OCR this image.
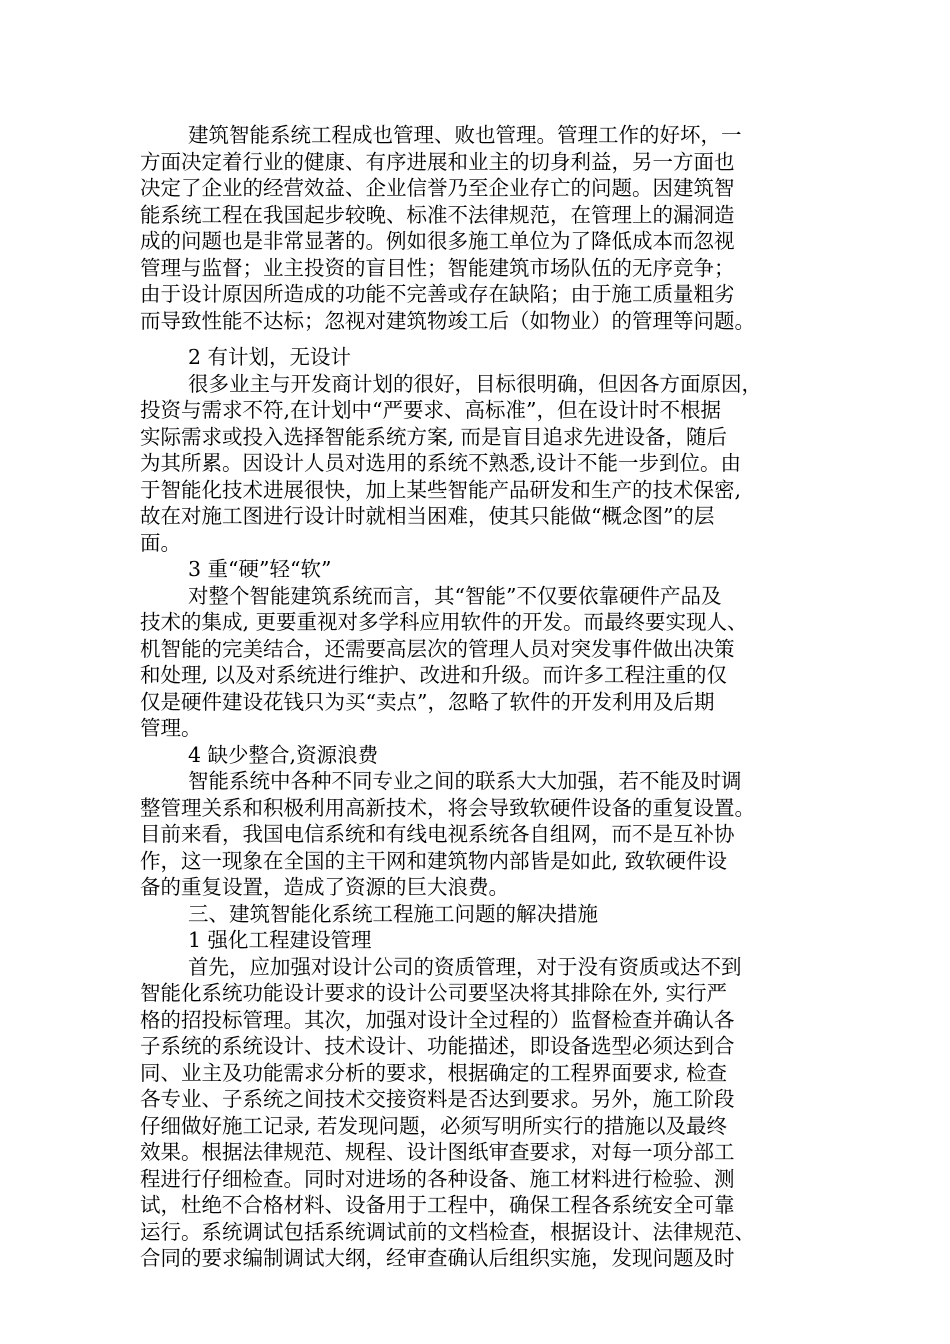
建筑智能系统工程成也管理、败也管理。管理工作的好坏，一
方面决定着行业的健康、有序进展和业主的切身利益，另一方面也
决定了企业的经营效益、企业信誉乃至企业存亡的问题。因建筑智
能系统工程在我国起步较晚、标准不法律规范，在管理上的漏洞造
成的问题也是非常显著的。例如很多施工单位为了降低成本而忽视
管理与监督；业主投资的盲目性；智能建筑市场队伍的无序竞争；
由于设计原因所造成的功能不完善或存在缺陷；由于施工质量粗劣
而导致性能不达标；忽视对建筑物竣工后（如物业）的管理等问题。
2 有计划，无设计
很多业主与开发商计划的很好，目标很明确，但因各方面原因，
投资与需求不符,在计划中“严要求、高标准”，但在设计时不根据
实际需求或投入选择智能系统方案, 而是盲目追求先进设备，随后
为其所累。因设计人员对选用的系统不熟悉,设计不能一步到位。由
于智能化技术进展很快，加上某些智能产品研发和生产的技术保密,
故在对施工图进行设计时就相当困难，使其只能做“概念图”的层
面。
3 重“硬”轻“软”
对整个智能建筑系统而言，其“智能”不仅要依靠硬件产品及
技术的集成, 更要重视对多学科应用软件的开发。而最终要实现人、
机智能的完美结合，还需要高层次的管理人员对突发事件做出决策
和处理, 以及对系统进行维护、改进和升级。而许多工程注重的仅
仅是硬件建设花钱只为买“卖点”，忽略了软件的开发利用及后期
管理。
4 缺少整合,资源浪费
智能系统中各种不同专业之间的联系大大加强，若不能及时调
整管理关系和积极利用高新技术，将会导致软硬件设备的重复设置。
目前来看，我国电信系统和有线电视系统各自组网，而不是互补协
作，这一现象在全国的主干网和建筑物内部皆是如此, 致软硬件设
备的重复设置，造成了资源的巨大浪费。
三、建筑智能化系统工程施工问题的解决措施
1 强化工程建设管理
首先，应加强对设计公司的资质管理，对于没有资质或达不到
智能化系统功能设计要求的设计公司要坚决将其排除在外, 实行严
格的招投标管理。其次，加强对设计全过程的）监督检查并确认各
子系统的系统设计、技术设计、功能描述，即设备选型必须达到合
同、业主及功能需求分析的要求，根据确定的工程界面要求, 检查
各专业、子系统之间技术交接资料是否达到要求。另外，施工阶段
仔细做好施工记录, 若发现问题，必须写明所实行的措施以及最终
效果。根据法律规范、规程、设计图纸审查要求，对每一项分部工
程进行仔细检查。同时对进场的各种设备、施工材料进行检验、测
试，杜绝不合格材料、设备用于工程中，确保工程各系统安全可靠
运行。系统调试包括系统调试前的文档检查，根据设计、法律规范、
合同的要求编制调试大纲，经审查确认后组织实施，发现问题及时
